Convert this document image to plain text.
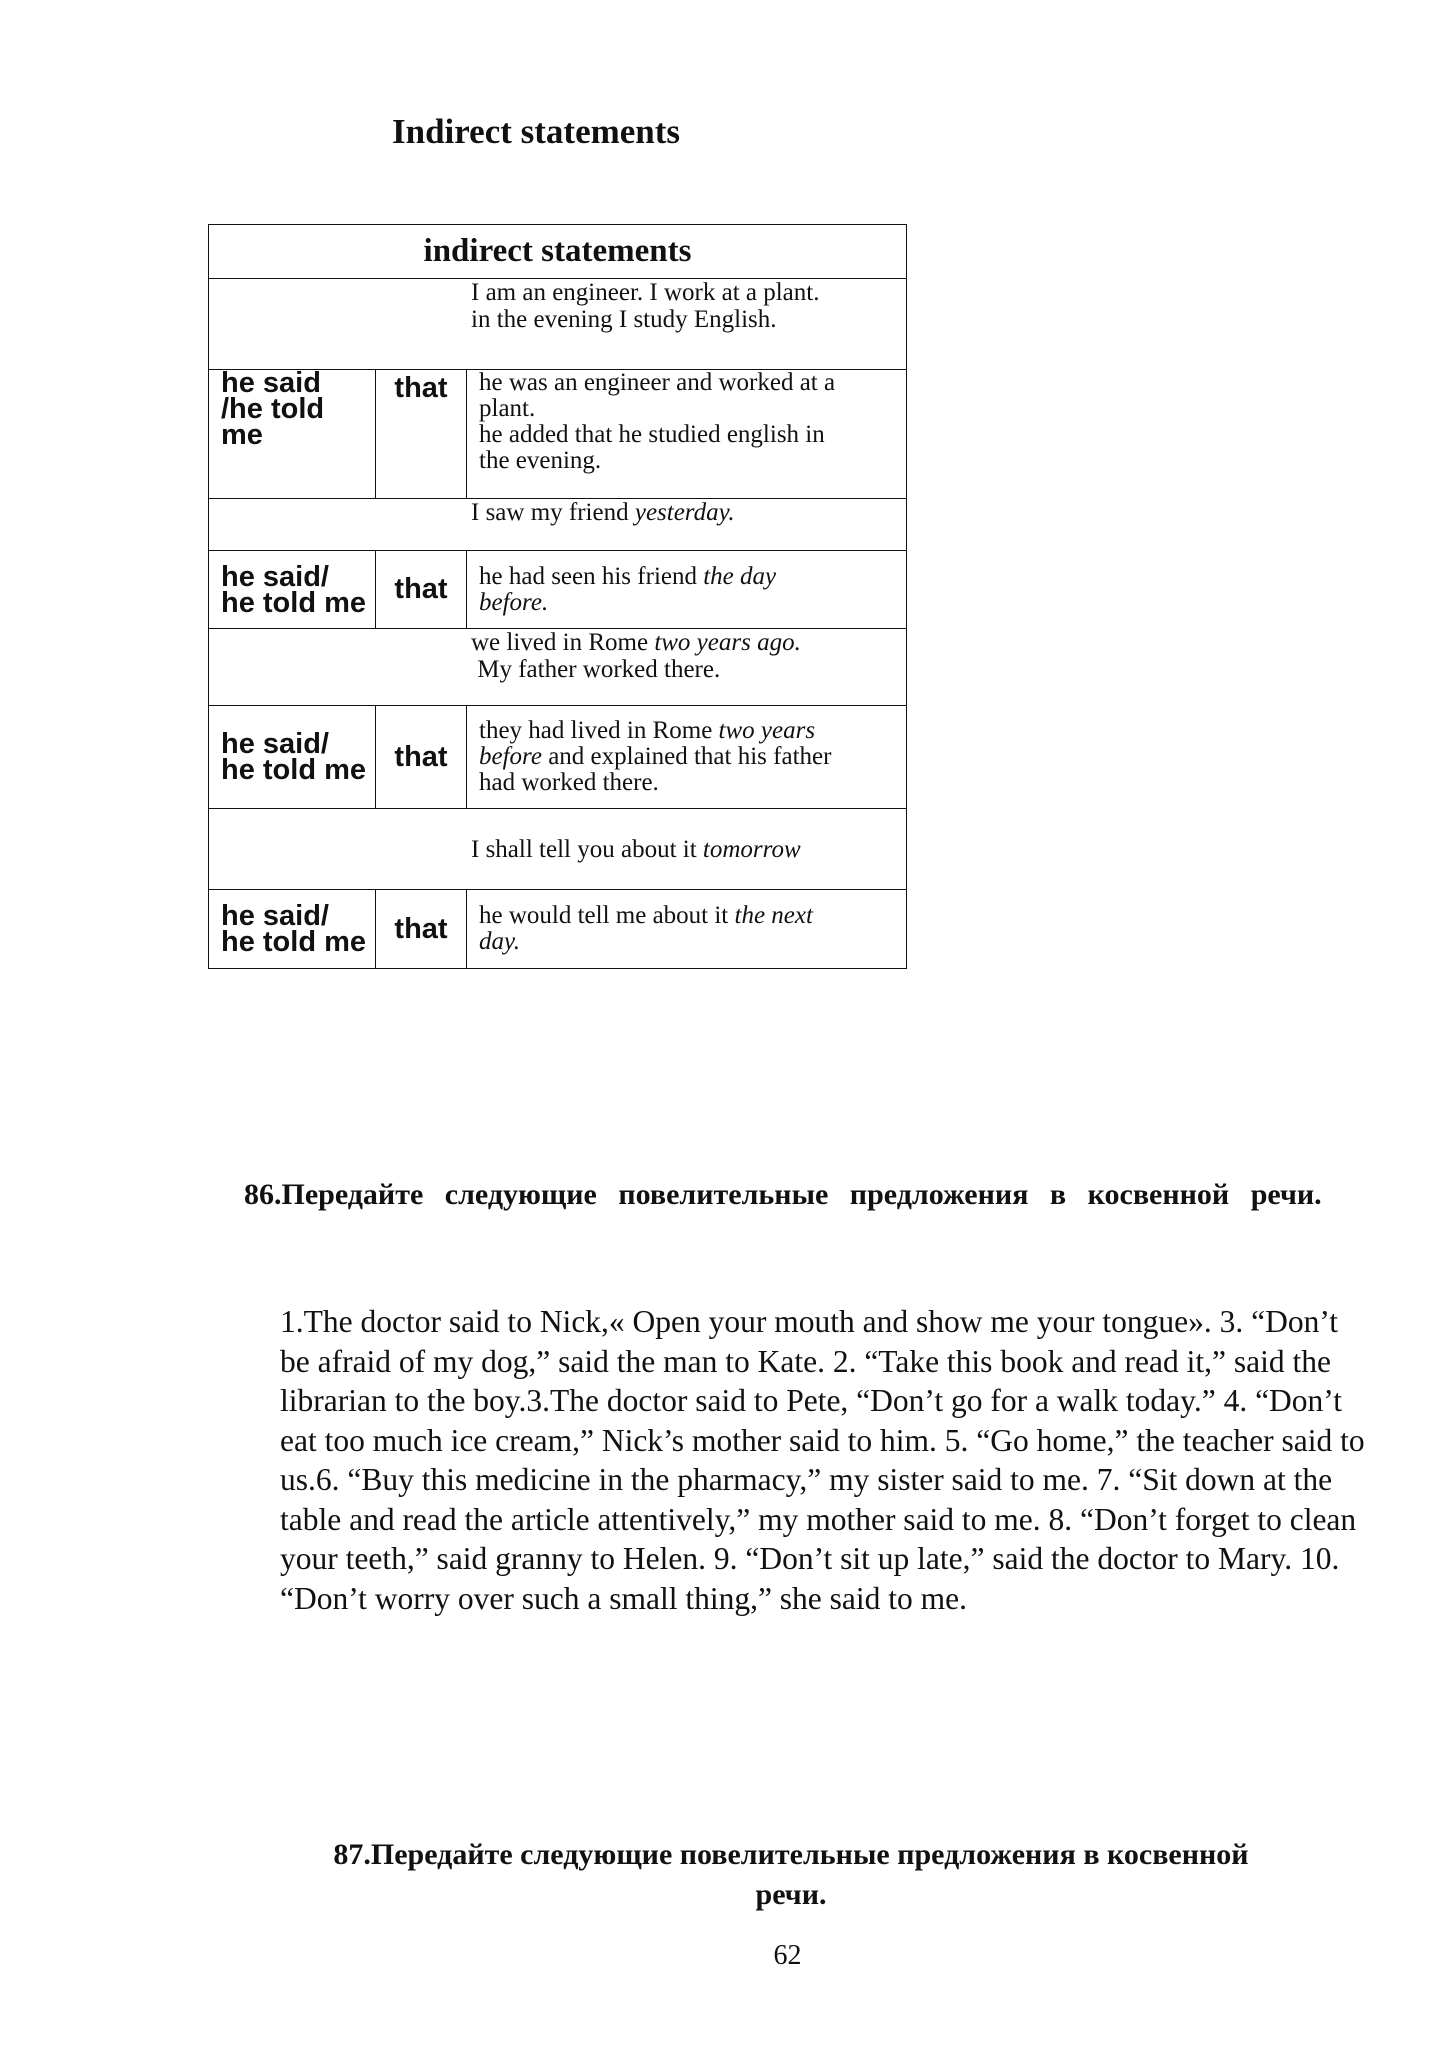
Indirect statements
indirect statements		

I am an engineer. I work at a plant.
in the evening I study English.		

he said
/he told
me	that	he was an engineer and worked at a
plant.
he added that he studied english in
the evening.

I saw my friend yesterday.		

he said/
he told me	that	he had seen his friend the day
before.

we lived in Rome two years ago.
My father worked there.		

he said/
he told me	that	they had lived in Rome two years
before and explained that his father
had worked there.

I shall tell you about it tomorrow		

he said/
he told me	that	he would tell me about it the next
day.

86.Передайте следующие повелительные предложения в косвенной речи.

1.The doctor said to Nick,« Open your mouth and show me your tongue». 3. “Don’t be afraid of my dog,” said the man to Kate. 2. “Take this book and read it,” said the librarian to the boy.3.The doctor said to Pete, “Don’t go for a walk today.” 4. “Don’t eat too much ice cream,” Nick’s mother said to him. 5. “Go home,” the teacher said to us.6. “Buy this medicine in the pharmacy,” my sister said to me. 7. “Sit down at the table and read the article attentively,” my mother said to me. 8. “Don’t forget to clean your teeth,” said granny to Helen. 9. “Don’t sit up late,” said the doctor to Mary. 10. “Don’t worry over such a small thing,” she said to me.

87.Передайте следующие повелительные предложения в косвенной
речи.

62
